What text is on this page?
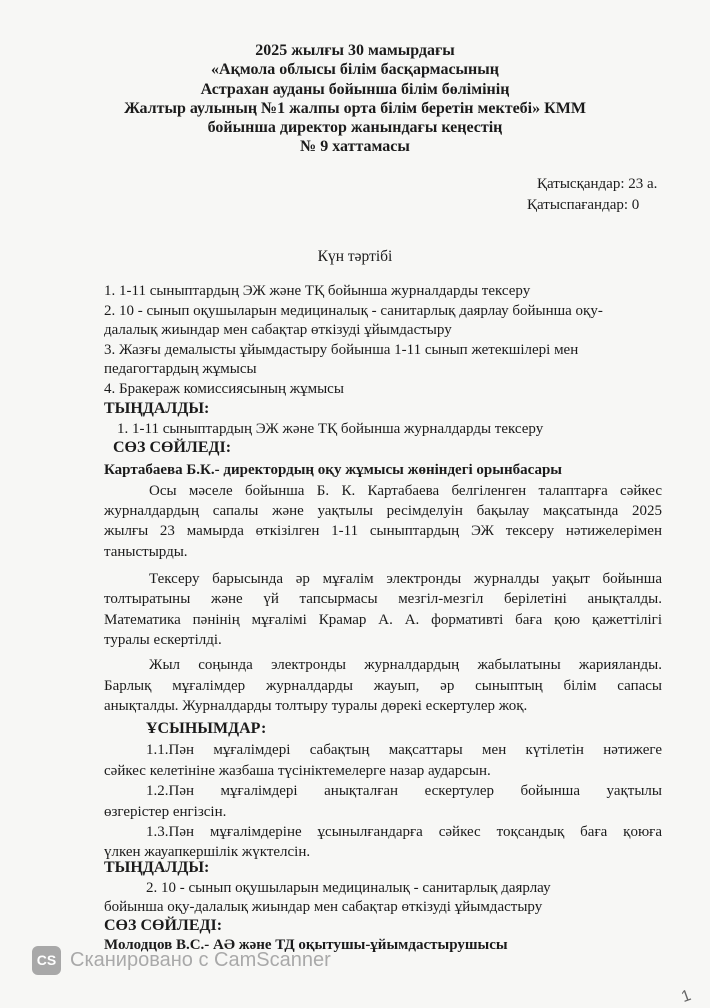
2025 жылғы 30 мамырдағы
«Ақмола облысы білім басқармасының
Астрахан ауданы бойынша білім бөлімінің
Жалтыр аулының №1 жалпы орта білім беретін мектебі» КММ
бойынша директор жанындағы кеңестің
№ 9 хаттамасы
Қатысқандар: 23 а.
Қатыспағандар: 0
Күн тәртібі
1. 1-11 сыныптардың ЭЖ және ТҚ бойынша журналдарды тексеру
2. 10 - сынып оқушыларын медициналық - санитарлық даярлау бойынша оқу-
далалық жиындар мен сабақтар өткізуді ұйымдастыру
3. Жазғы демалысты ұйымдастыру бойынша 1-11 сынып жетекшілері мен
педагогтардың жұмысы
4. Бракераж комиссиясының жұмысы
ТЫҢДАЛДЫ:
1. 1-11 сыныптардың ЭЖ және ТҚ бойынша журналдарды тексеру
СӨЗ СӨЙЛЕДІ:
Картабаева Б.К.- директордың оқу жұмысы жөніндегі орынбасары
Осы мәселе бойынша Б. К. Картабаева белгіленген талаптарға сәйкес
журналдардың сапалы және уақтылы ресімделуін бақылау мақсатында 2025
жылғы 23 мамырда өткізілген 1-11 сыныптардың ЭЖ тексеру нәтижелерімен
таныстырды.
Тексеру барысында әр мұғалім электронды журналды уақыт бойынша
толтыратыны және үй тапсырмасы мезгіл-мезгіл берілетіні анықталды.
Математика пәнінің мұғалімі Крамар А. А. формативті баға қою қажеттілігі
туралы ескертілді.
Жыл соңында электронды журналдардың жабылатыны жарияланды.
Барлық мұғалімдер журналдарды жауып, әр сыныптың білім сапасы
анықталды. Журналдарды толтыру туралы дөрекі ескертулер жоқ.
ҰСЫНЫМДАР:
1.1.Пән мұғалімдері сабақтың мақсаттары мен күтілетін нәтижеге
сәйкес келетініне жазбаша түсініктемелерге назар аударсын.
1.2.Пән мұғалімдері анықталған ескертулер бойынша уақтылы
өзгерістер енгізсін.
1.3.Пән мұғалімдеріне ұсынылғандарға сәйкес тоқсандық баға қоюға
үлкен жауапкершілік жүктелсін.
ТЫҢДАЛДЫ:
2. 10 - сынып оқушыларын медициналық - санитарлық даярлау
бойынша оқу-далалық жиындар мен сабақтар өткізуді ұйымдастыру
СӨЗ СӨЙЛЕДІ:
Молодцов В.С.- АӘ және ТД оқытушы-ұйымдастырушысы
CS Сканировано с CamScanner
1
